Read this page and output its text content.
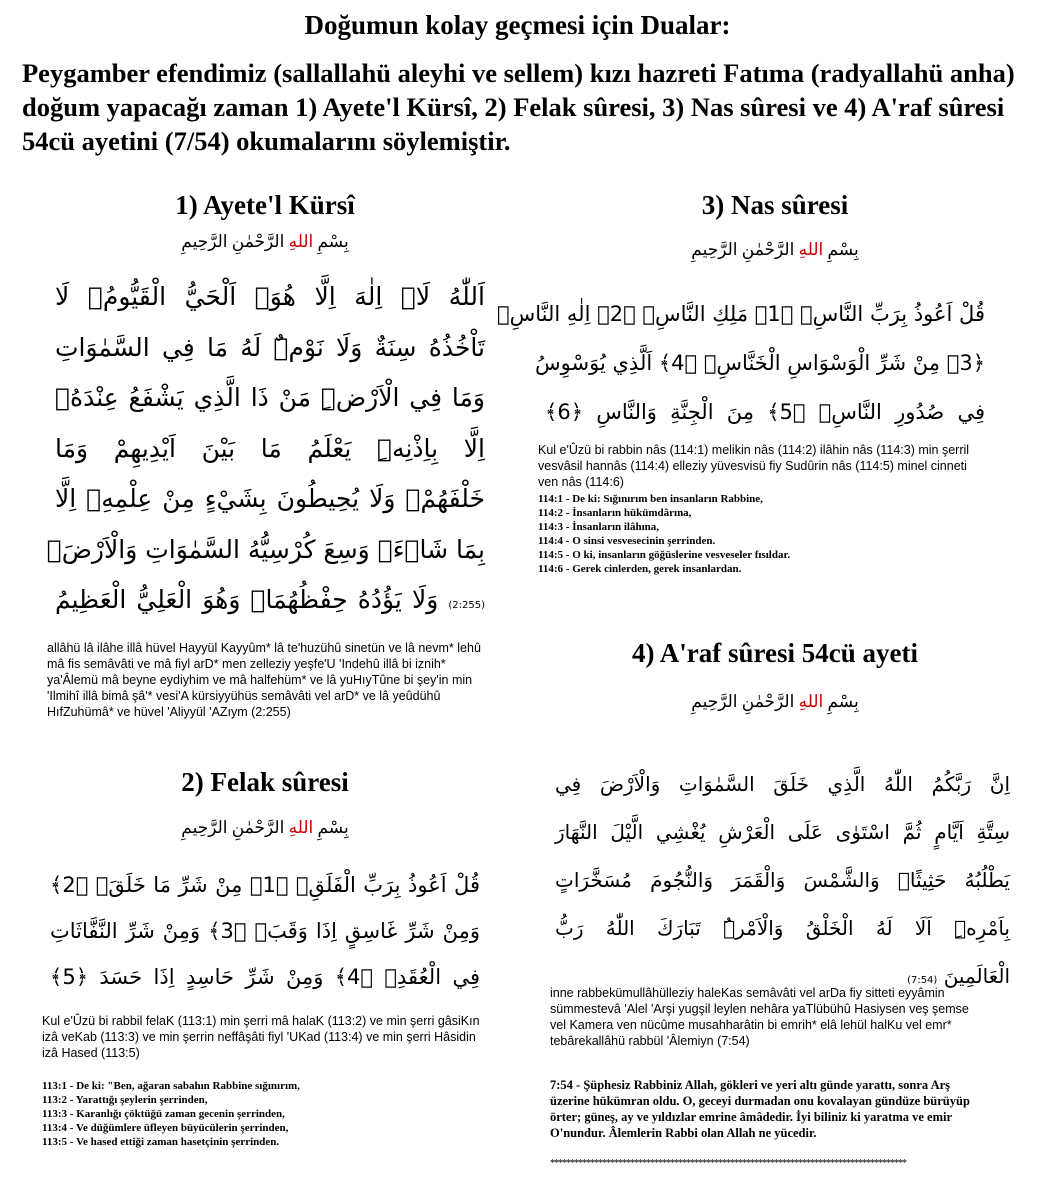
Doğumun kolay geçmesi için Dualar:
Peygamber efendimiz (sallallahü aleyhi ve sellem) kızı hazreti Fatıma (radyallahü anha) doğum yapacağı zaman 1) Ayete'l Kürsî, 2) Felak sûresi, 3) Nas sûresi ve 4) A'raf sûresi 54cü ayetini (7/54) okumalarını söylemiştir.
1) Ayete'l Kürsî
بِسْمِ اللهِ الرَّحْمٰنِ الرَّحِيمِ
اَللّٰهُ لَاۤ اِلٰهَ اِلَّا هُوَۚ اَلْحَيُّ الْقَيُّومُۚ لَا
تَاْخُذُهُ سِنَةٌ وَلَا نَوْمٌۜ لَهُ مَا فِي السَّمٰوَاتِ
وَمَا فِي الْاَرْضِۜ مَنْ ذَا الَّذِي يَشْفَعُ عِنْدَهُۤ
اِلَّا بِاِذْنِهِۜ يَعْلَمُ مَا بَيْنَ اَيْدِيهِمْ وَمَا
خَلْفَهُمْۚ وَلَا يُحِيطُونَ بِشَيْءٍ مِنْ عِلْمِهِۤ اِلَّا
بِمَا شَاۤءَۚ وَسِعَ كُرْسِيُّهُ السَّمٰوَاتِ وَالْاَرْضَۚ
(2:255) وَلَا يَؤُدُهُ حِفْظُهُمَاۚ وَهُوَ الْعَلِيُّ الْعَظِيمُ
allâhü lâ ilâhe illâ hüvel Hayyül Kayyûm* lâ te'huzühû sinetün ve lâ nevm* lehû mâ fis semâvâti ve mâ fiyl arD* men zelleziy yeşfe'U 'Indehû illâ bi iznih* ya'Âlemü mâ beyne eydiyhim ve mâ halfehüm* ve lâ yuHıyTûne bi şey'in min 'Ilmihî illâ bimâ şâ'* vesi'A kürsiyyühüs semâvâti vel arD* ve lâ yeûdühû HıfZuhümâ* ve hüvel 'Aliyyül 'AZıym (2:255)
2) Felak sûresi
بِسْمِ اللهِ الرَّحْمٰنِ الرَّحِيمِ
قُلْ اَعُوذُ بِرَبِّ الْفَلَقِۙ ﴿1﴾ مِنْ شَرِّ مَا خَلَقَۙ ﴿2﴾
وَمِنْ شَرِّ غَاسِقٍ اِذَا وَقَبَۙ ﴿3﴾ وَمِنْ شَرِّ النَّفَّاثَاتِ
فِي الْعُقَدِۙ ﴿4﴾ وَمِنْ شَرِّ حَاسِدٍ اِذَا حَسَدَ ﴿5﴾
Kul e'Ûzü bi rabbil felaK (113:1) min şerri mâ halaK (113:2) ve min şerri gâsiKın izâ veKab (113:3) ve min şerrin neffâşâti fiyl 'UKad (113:4) ve min şerri Hâsidin izâ Hased (113:5)
113:1 - De ki: "Ben, ağaran sabahın Rabbine sığınırım,
113:2 - Yarattığı şeylerin şerrinden,
113:3 - Karanlığı çöktüğü zaman gecenin şerrinden,
113:4 - Ve düğümlere üfleyen büyücülerin şerrinden,
113:5 - Ve hased ettiği zaman hasetçinin şerrinden.
3) Nas sûresi
بِسْمِ اللهِ الرَّحْمٰنِ الرَّحِيمِ
قُلْ اَعُوذُ بِرَبِّ النَّاسِۙ ﴿1﴾ مَلِكِ النَّاسِۙ ﴿2﴾ اِلٰهِ النَّاسِۙ
﴿3﴾ مِنْ شَرِّ الْوَسْوَاسِ الْخَنَّاسِۙ ﴿4﴾ اَلَّذِي يُوَسْوِسُ
فِي صُدُورِ النَّاسِۙ ﴿5﴾ مِنَ الْجِنَّةِ وَالنَّاسِ ﴿6﴾
Kul e'Ûzü bi rabbin nâs (114:1) melikin nâs (114:2) ilâhin nâs (114:3) min şerril vesvâsil hannâs (114:4) elleziy yüvesvisü fiy Sudûrin nâs (114:5) minel cinneti ven nâs (114:6)
114:1 - De ki: Sığınırım ben insanların Rabbine,
114:2 - İnsanların hükümdârına,
114:3 - İnsanların ilâhına,
114:4 - O sinsi vesvesecinin şerrinden.
114:5 - O ki, insanların göğüslerine vesveseler fısıldar.
114:6 - Gerek cinlerden, gerek insanlardan.
4) A'raf sûresi 54cü ayeti
بِسْمِ اللهِ الرَّحْمٰنِ الرَّحِيمِ
اِنَّ رَبَّكُمُ اللّٰهُ الَّذِي خَلَقَ السَّمٰوَاتِ وَالْاَرْضَ فِي
سِتَّةِ اَيَّامٍ ثُمَّ اسْتَوٰى عَلَى الْعَرْشِ يُغْشِي الَّيْلَ النَّهَارَ
يَطْلُبُهُ حَثِيثًاۙ وَالشَّمْسَ وَالْقَمَرَ وَالنُّجُومَ مُسَخَّرَاتٍ
بِاَمْرِهِۜ اَلَا لَهُ الْخَلْقُ وَالْاَمْرُۜ تَبَارَكَ اللّٰهُ رَبُّ
الْعَالَمِينَ (7:54)
inne rabbekümullâhülleziy haleKas semâvâti vel arDa fiy sitteti eyyâmin sümmestevâ 'Alel 'Arşi yugşil leylen nehâra yaTlübühû Hasiysen veş şemse vel Kamera ven nücûme musahharâtin bi emrih* elâ lehül halKu vel emr* tebârekallâhü rabbül 'Âlemiyn (7:54)
7:54 - Şüphesiz Rabbiniz Allah, gökleri ve yeri altı günde yarattı, sonra Arş üzerine hükümran oldu. O, geceyi durmadan onu kovalayan gündüze bürüyüp örter; güneş, ay ve yıldızlar emrine âmâdedir. İyi biliniz ki yaratma ve emir O'nundur. Âlemlerin Rabbi olan Allah ne yücedir.
*****************************************************************************************
